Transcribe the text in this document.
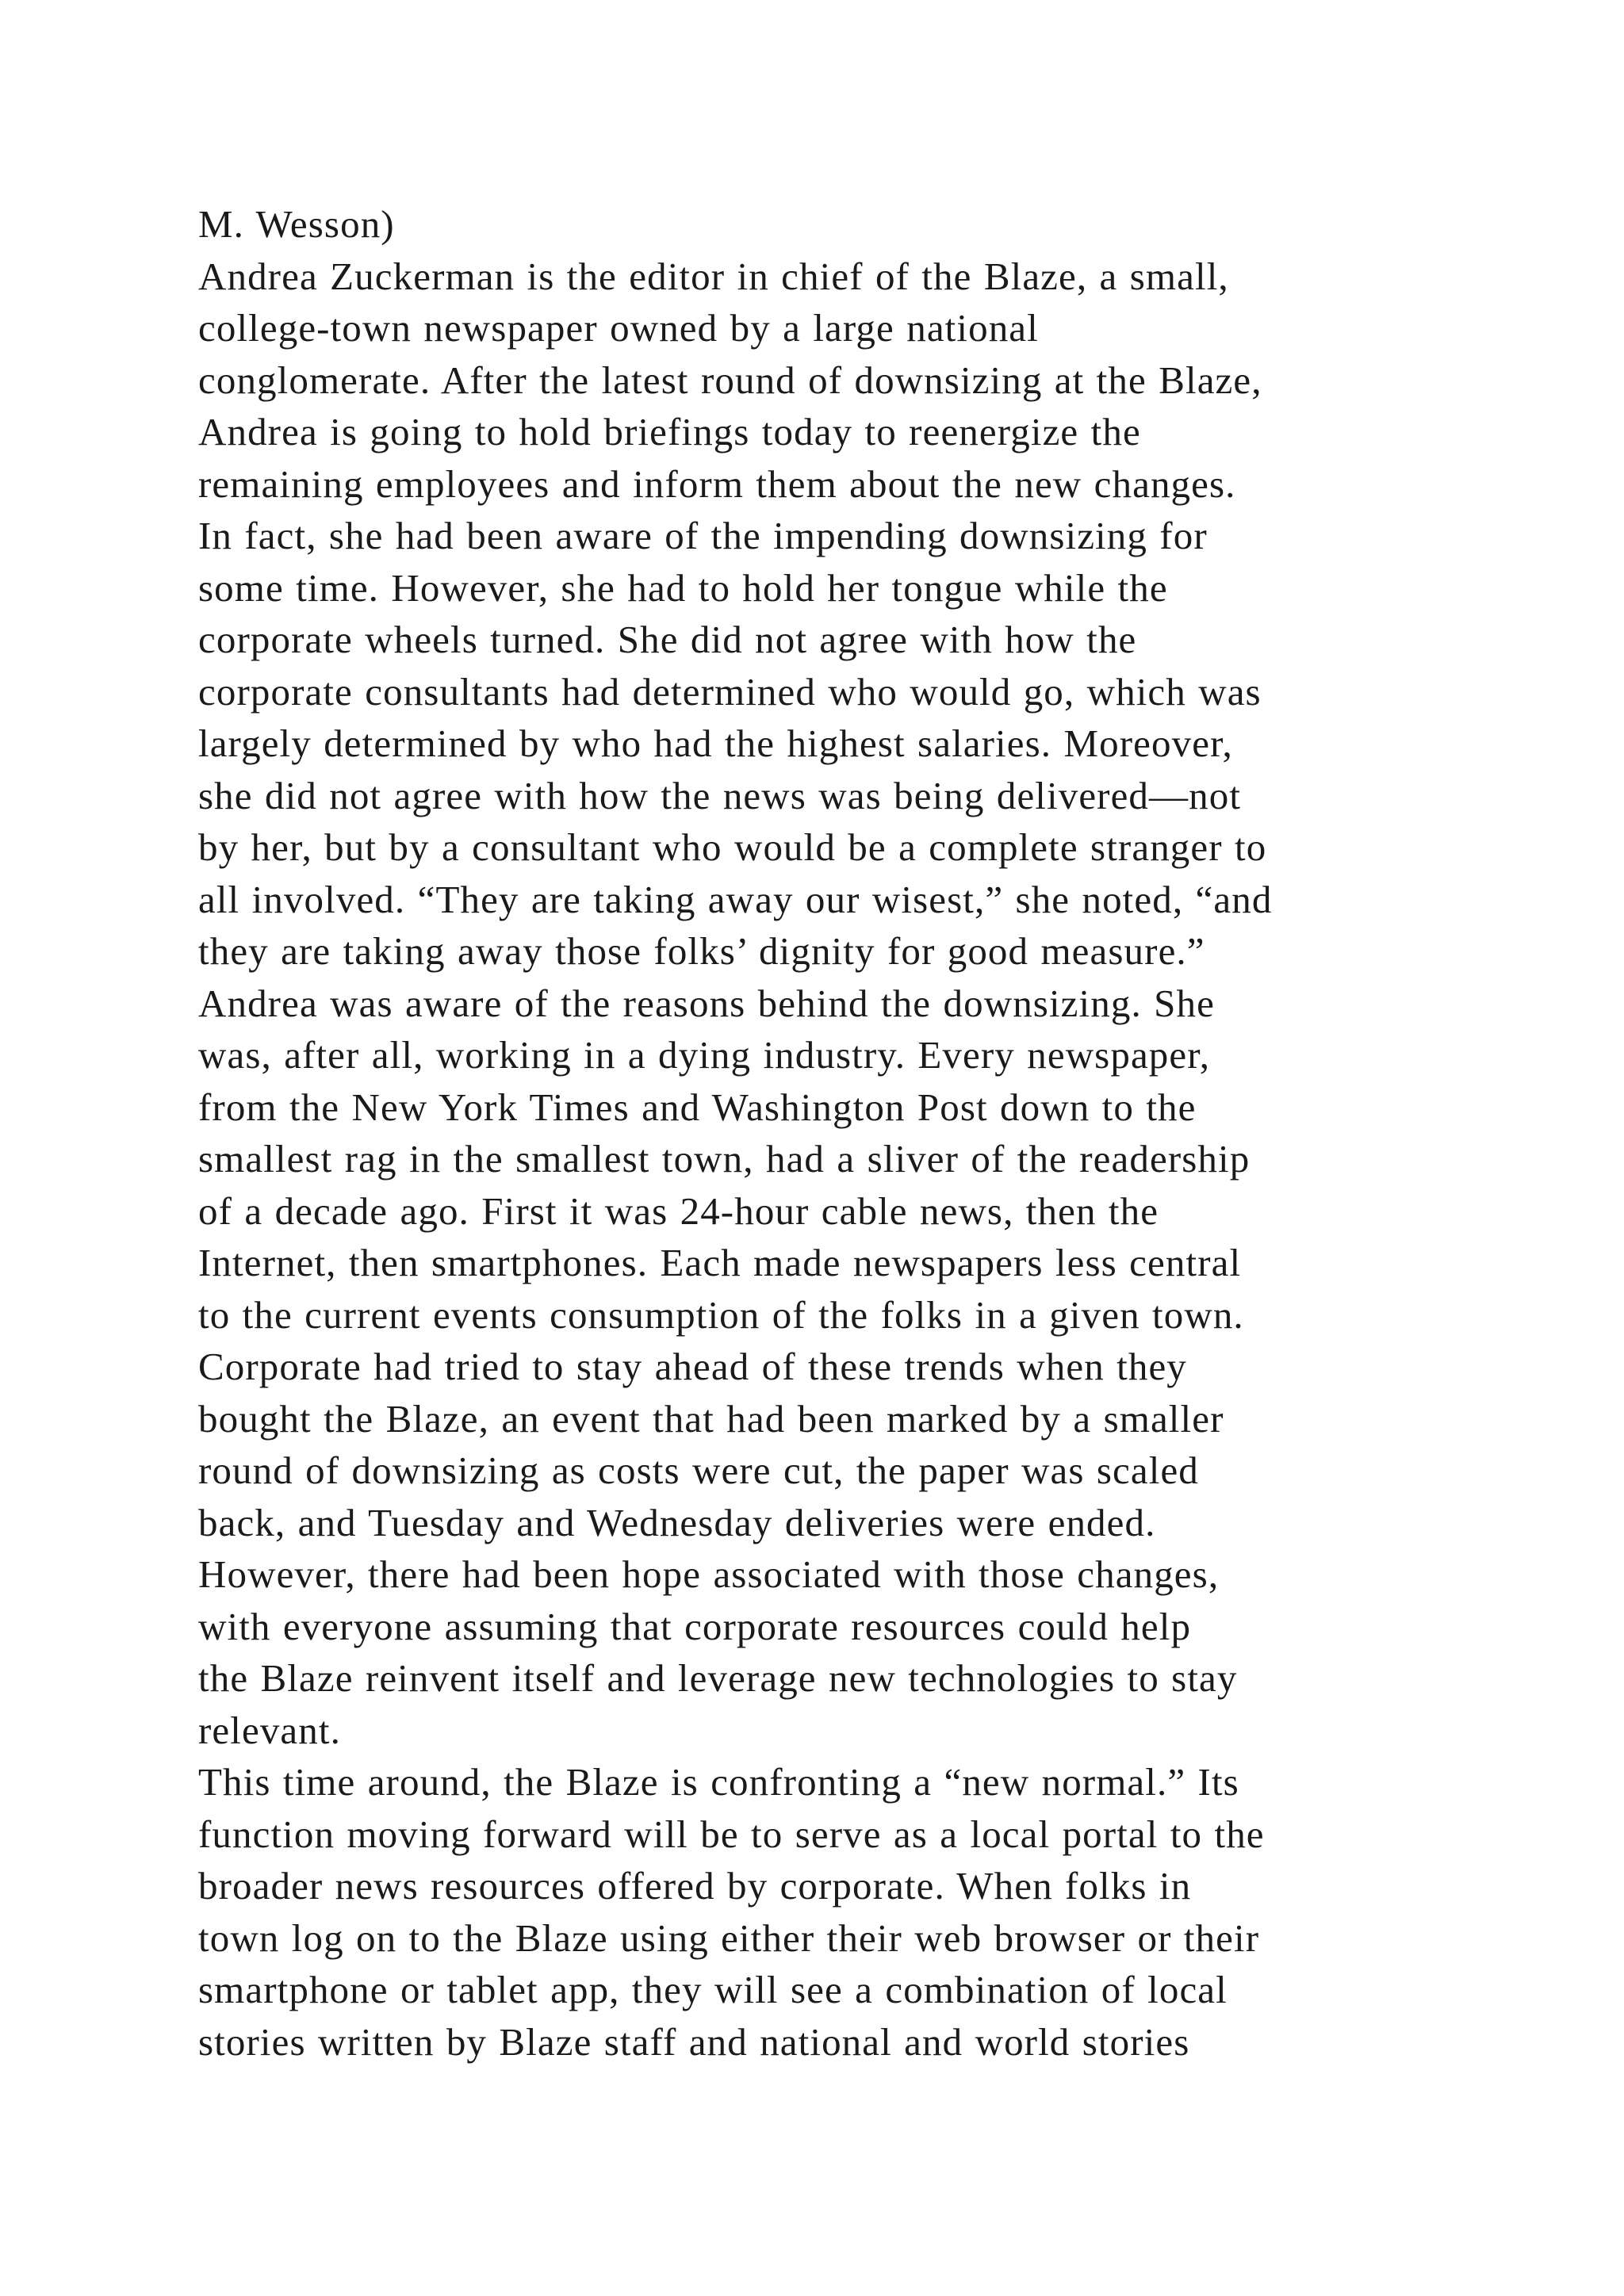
M. Wesson)
Andrea Zuckerman is the editor in chief of the Blaze, a small,
college-town newspaper owned by a large national
conglomerate. After the latest round of downsizing at the Blaze,
Andrea is going to hold briefings today to reenergize the
remaining employees and inform them about the new changes.
In fact, she had been aware of the impending downsizing for
some time. However, she had to hold her tongue while the
corporate wheels turned. She did not agree with how the
corporate consultants had determined who would go, which was
largely determined by who had the highest salaries. Moreover,
she did not agree with how the news was being delivered—not
by her, but by a consultant who would be a complete stranger to
all involved. “They are taking away our wisest,” she noted, “and
they are taking away those folks’ dignity for good measure.”
Andrea was aware of the reasons behind the downsizing. She
was, after all, working in a dying industry. Every newspaper,
from the New York Times and Washington Post down to the
smallest rag in the smallest town, had a sliver of the readership
of a decade ago. First it was 24-hour cable news, then the
Internet, then smartphones. Each made newspapers less central
to the current events consumption of the folks in a given town.
Corporate had tried to stay ahead of these trends when they
bought the Blaze, an event that had been marked by a smaller
round of downsizing as costs were cut, the paper was scaled
back, and Tuesday and Wednesday deliveries were ended.
However, there had been hope associated with those changes,
with everyone assuming that corporate resources could help
the Blaze reinvent itself and leverage new technologies to stay
relevant.
This time around, the Blaze is confronting a “new normal.” Its
function moving forward will be to serve as a local portal to the
broader news resources offered by corporate. When folks in
town log on to the Blaze using either their web browser or their
smartphone or tablet app, they will see a combination of local
stories written by Blaze staff and national and world stories
